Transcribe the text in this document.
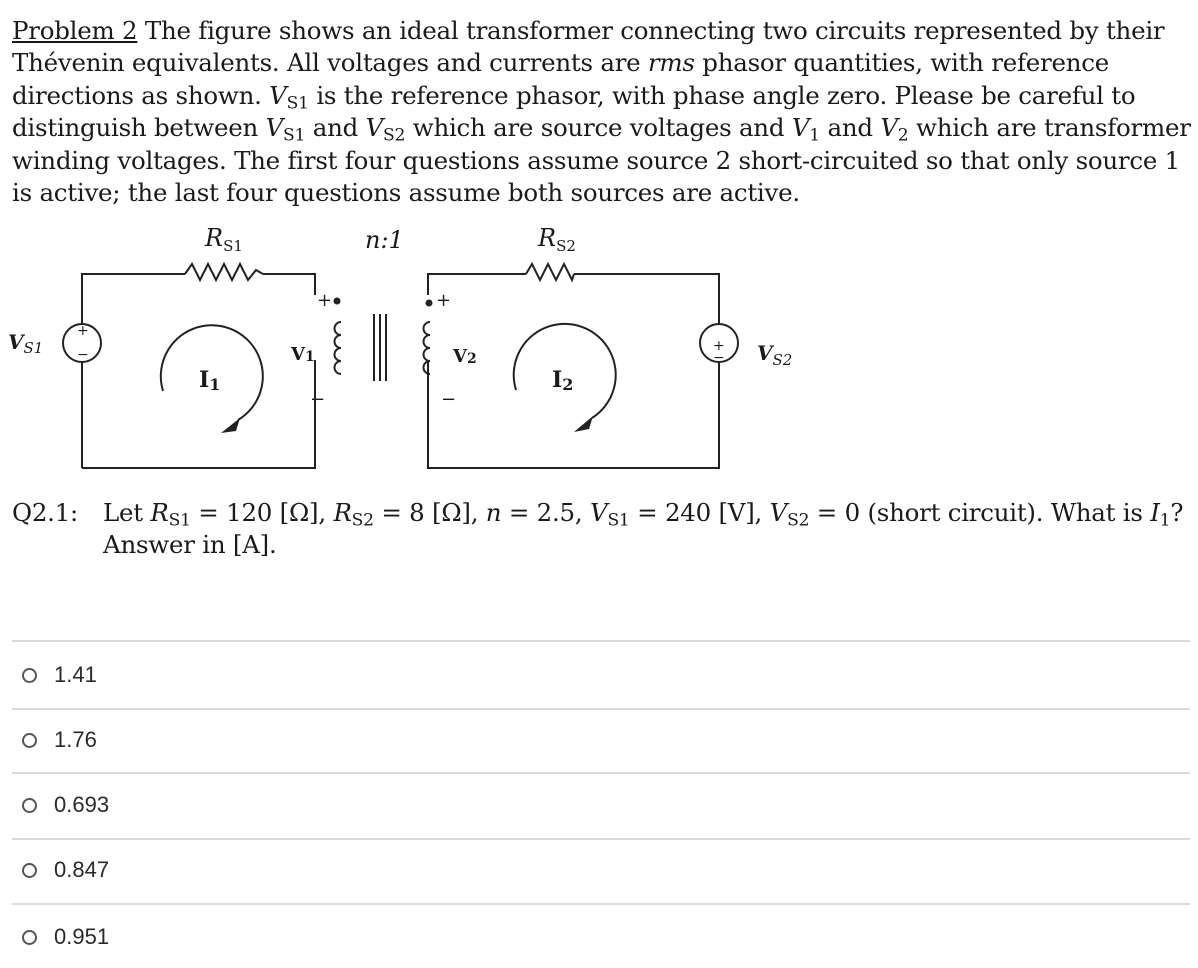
Problem 2 The figure shows an ideal transformer connecting two circuits represented by their Thévenin equivalents. All voltages and currents are rms phasor quantities, with reference directions as shown. $V_{S1}$ is the reference phasor, with phase angle zero. Please be careful to distinguish between $V_{S1}$ and $V_{S2}$ which are source voltages and $V_1$ and $V_2$ which are transformer winding voltages. The first four questions assume source 2 short-circuited so that only source 1 is active; the last four questions assume both sources are active.
+
−
+
−
+
−
+
−
$R_{S1}$	n:1	$R_{S2}$
$V_{S1}$	$V_{S2}$
V1	V2
I1	I2
Q2.1: Let $R_{S1} = 120$ [Ω], $R_{S2} = 8$ [Ω], n = 2.5, $V_{S1} = 240$ [V], $V_{S2} = 0$ (short circuit). What is $I_1$?
Answer in [A].
1.41
1.76
0.693
0.847
0.951
